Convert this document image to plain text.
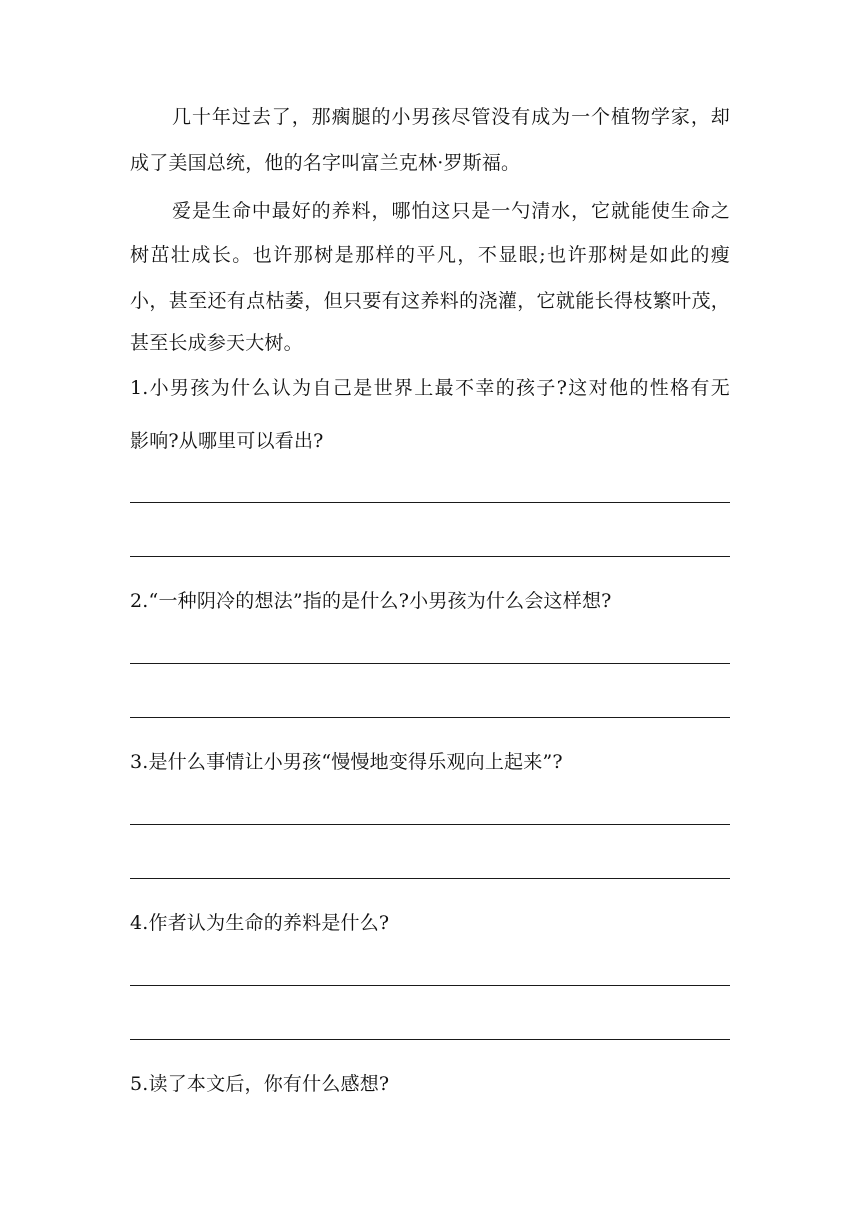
几十年过去了，那瘸腿的小男孩尽管没有成为一个植物学家，却
成了美国总统，他的名字叫富兰克林·罗斯福。
爱是生命中最好的养料，哪怕这只是一勺清水，它就能使生命之
树茁壮成长。也许那树是那样的平凡，不显眼;也许那树是如此的瘦
小，甚至还有点枯萎，但只要有这养料的浇灌，它就能长得枝繁叶茂，
甚至长成参天大树。
1.小男孩为什么认为自己是世界上最不幸的孩子?这对他的性格有无
影响?从哪里可以看出?
2.“一种阴冷的想法”指的是什么?小男孩为什么会这样想?
3.是什么事情让小男孩“慢慢地变得乐观向上起来”?
4.作者认为生命的养料是什么?
5.读了本文后，你有什么感想?
